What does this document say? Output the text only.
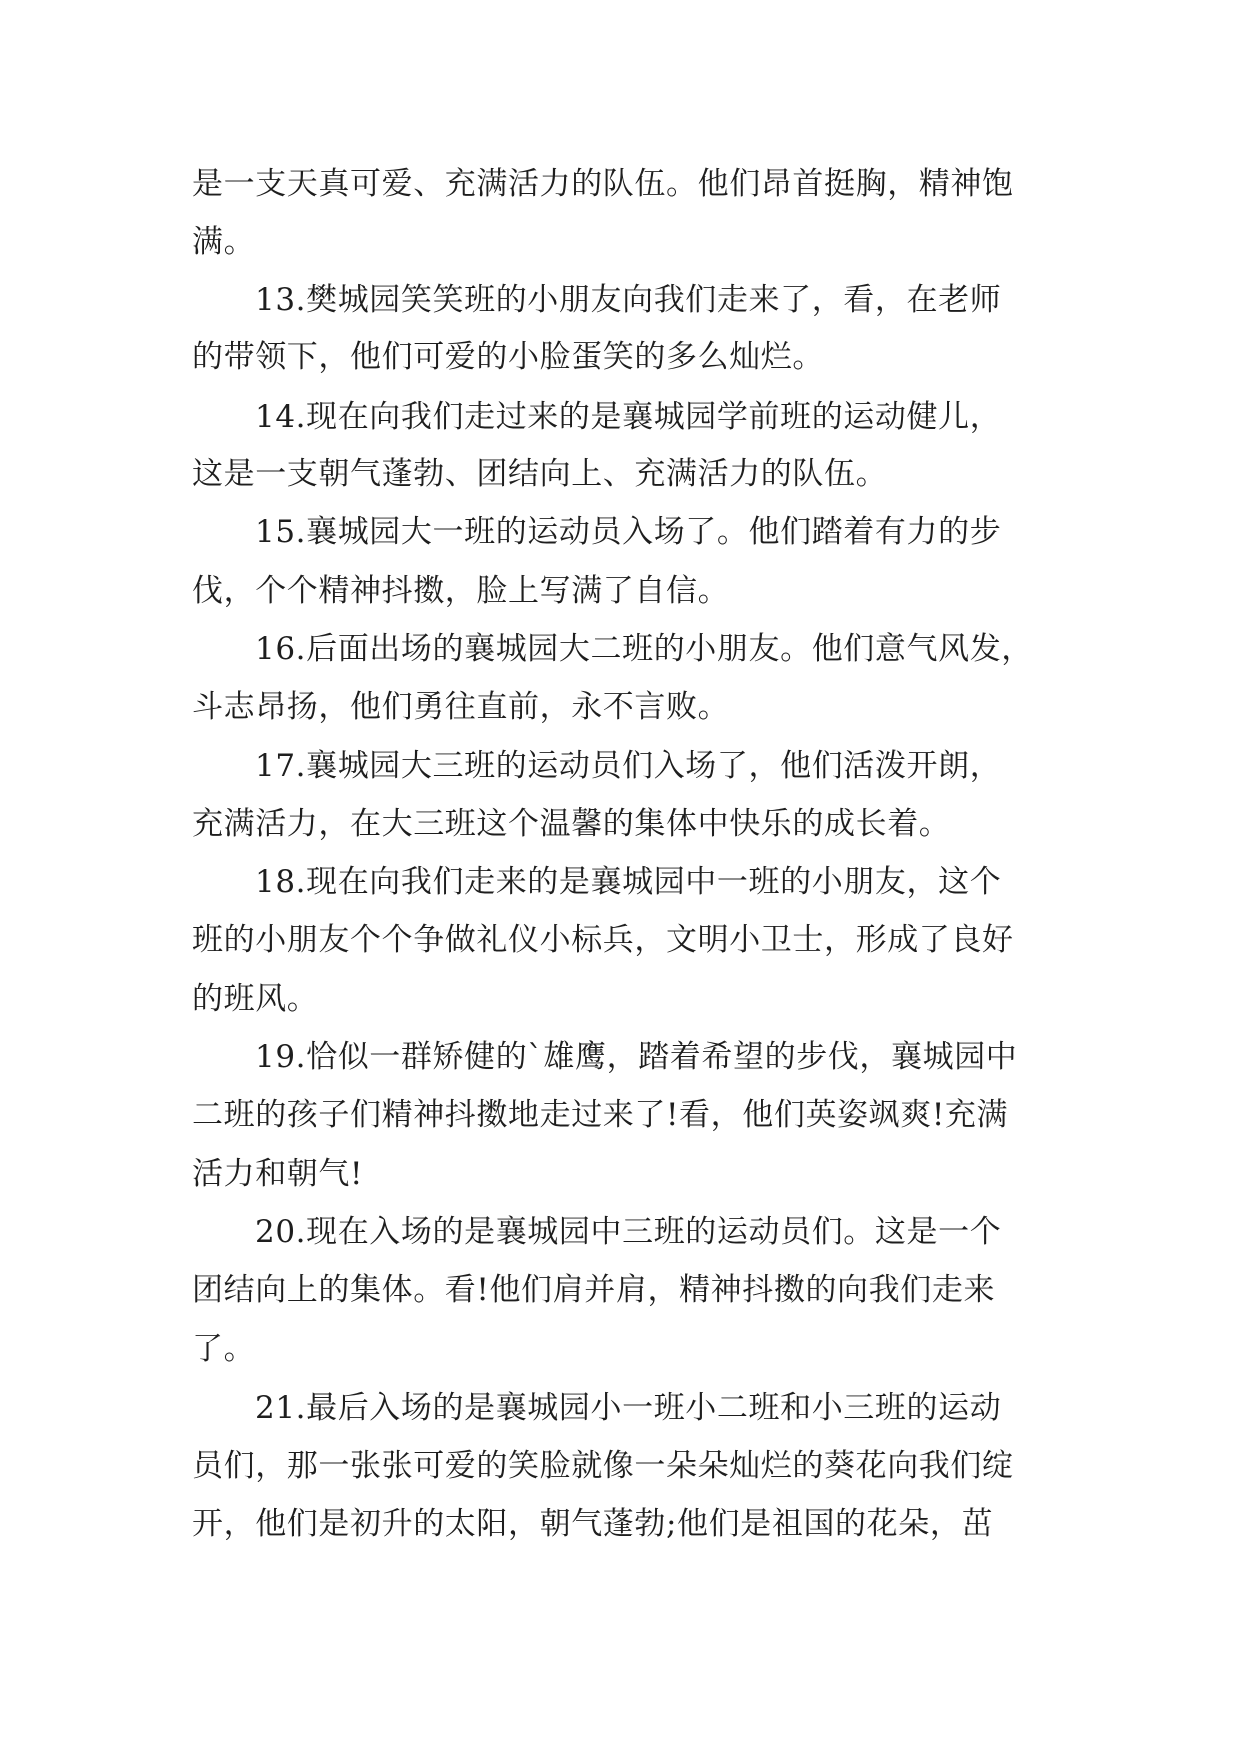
是一支天真可爱、充满活力的队伍。他们昂首挺胸，精神饱

满。

13.樊城园笑笑班的小朋友向我们走来了，看，在老师

的带领下，他们可爱的小脸蛋笑的多么灿烂。

14.现在向我们走过来的是襄城园学前班的运动健儿，

这是一支朝气蓬勃、团结向上、充满活力的队伍。

15.襄城园大一班的运动员入场了。他们踏着有力的步

伐，个个精神抖擞，脸上写满了自信。

16.后面出场的襄城园大二班的小朋友。他们意气风发，

斗志昂扬，他们勇往直前，永不言败。

17.襄城园大三班的运动员们入场了，他们活泼开朗，

充满活力，在大三班这个温馨的集体中快乐的成长着。

18.现在向我们走来的是襄城园中一班的小朋友，这个

班的小朋友个个争做礼仪小标兵，文明小卫士，形成了良好

的班风。

19.恰似一群矫健的`雄鹰，踏着希望的步伐，襄城园中

二班的孩子们精神抖擞地走过来了!看，他们英姿飒爽!充满

活力和朝气!

20.现在入场的是襄城园中三班的运动员们。这是一个

团结向上的集体。看!他们肩并肩，精神抖擞的向我们走来

了。

21.最后入场的是襄城园小一班小二班和小三班的运动

员们，那一张张可爱的笑脸就像一朵朵灿烂的葵花向我们绽

开，他们是初升的太阳，朝气蓬勃;他们是祖国的花朵，茁
